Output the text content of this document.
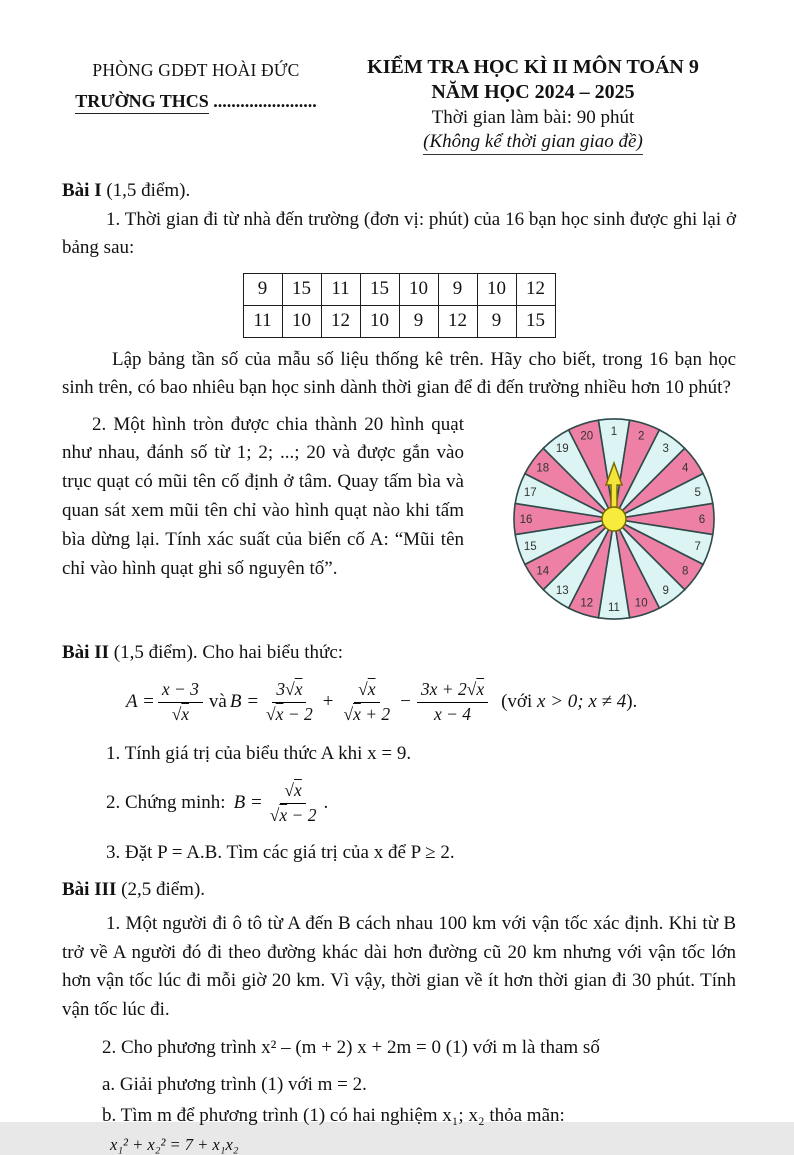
PHÒNG GDĐT HOÀI ĐỨC
TRƯỜNG THCS .......................
KIỂM TRA HỌC KÌ II MÔN TOÁN 9
NĂM HỌC 2024 – 2025
Thời gian làm bài: 90 phút
(Không kể thời gian giao đề)

Bài I (1,5 điểm).

1. Thời gian đi từ nhà đến trường (đơn vị: phút) của 16 bạn học sinh được ghi lại ở bảng sau:

9	15	11	15	10	9	10	12
11	10	12	10	9	12	9	15

Lập bảng tần số của mẫu số liệu thống kê trên. Hãy cho biết, trong 16 bạn học sinh trên, có bao nhiêu bạn học sinh dành thời gian để đi đến trường nhiều hơn 10 phút?

2. Một hình tròn được chia thành 20 hình quạt như nhau, đánh số từ 1; 2; ...; 20 và được gắn vào trục quạt có mũi tên cố định ở tâm. Quay tấm bìa và quan sát xem mũi tên chỉ vào hình quạt nào khi tấm bìa dừng lại. Tính xác suất của biến cố A: “Mũi tên chỉ vào hình quạt ghi số nguyên tố”.

1 2
3
4
5
6
7
8
9
10
11
12
13
14
15
16
17
18
19
20

Bài II (1,5 điểm). Cho hai biểu thức:

$A = \frac{x - 3}{√x}$ và $B = \frac{3√x}{√x - 2} + \frac{√x}{√x + 2} - \frac{3x + 2√x}{x - 4}$ (với x > 0; x ≠ 4).

1. Tính giá trị của biểu thức A khi x = 9.

2. Chứng minh: $B = \frac{√x}{√x - 2}$ .

3. Đặt P = A.B. Tìm các giá trị của x để P ≥ 2.

Bài III (2,5 điểm).

1. Một người đi ô tô từ A đến B cách nhau 100 km với vận tốc xác định. Khi từ B trở về A người đó đi theo đường khác dài hơn đường cũ 20 km nhưng với vận tốc lớn hơn vận tốc lúc đi mỗi giờ 20 km. Vì vậy, thời gian về ít hơn thời gian đi 30 phút. Tính vận tốc lúc đi.

2. Cho phương trình x² – (m + 2) x + 2m = 0 (1) với m là tham số

a. Giải phương trình (1) với m = 2.

b. Tìm m để phương trình (1) có hai nghiệm x₁; x₂ thỏa mãn:

x₁² + x₂² = 7 + x₁x₂
